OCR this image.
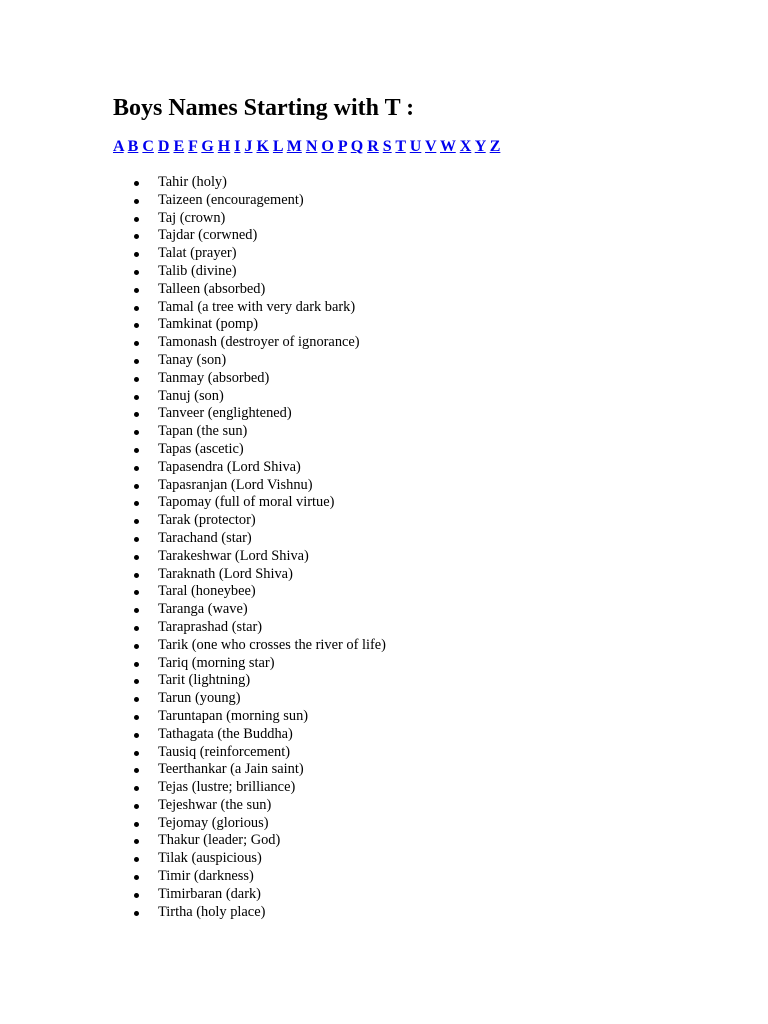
Boys Names Starting with T :

A B C D E F G H I J K L M N O P Q R S T U V W X Y Z

Tahir (holy)
Taizeen (encouragement)
Taj (crown)
Tajdar (corwned)
Talat (prayer)
Talib (divine)
Talleen (absorbed)
Tamal (a tree with very dark bark)
Tamkinat (pomp)
Tamonash (destroyer of ignorance)
Tanay (son)
Tanmay (absorbed)
Tanuj (son)
Tanveer (englightened)
Tapan (the sun)
Tapas (ascetic)
Tapasendra (Lord Shiva)
Tapasranjan (Lord Vishnu)
Tapomay (full of moral virtue)
Tarak (protector)
Tarachand (star)
Tarakeshwar (Lord Shiva)
Taraknath (Lord Shiva)
Taral (honeybee)
Taranga (wave)
Taraprashad (star)
Tarik (one who crosses the river of life)
Tariq (morning star)
Tarit (lightning)
Tarun (young)
Taruntapan (morning sun)
Tathagata (the Buddha)
Tausiq (reinforcement)
Teerthankar (a Jain saint)
Tejas (lustre; brilliance)
Tejeshwar (the sun)
Tejomay (glorious)
Thakur (leader; God)
Tilak (auspicious)
Timir (darkness)
Timirbaran (dark)
Tirtha (holy place)
